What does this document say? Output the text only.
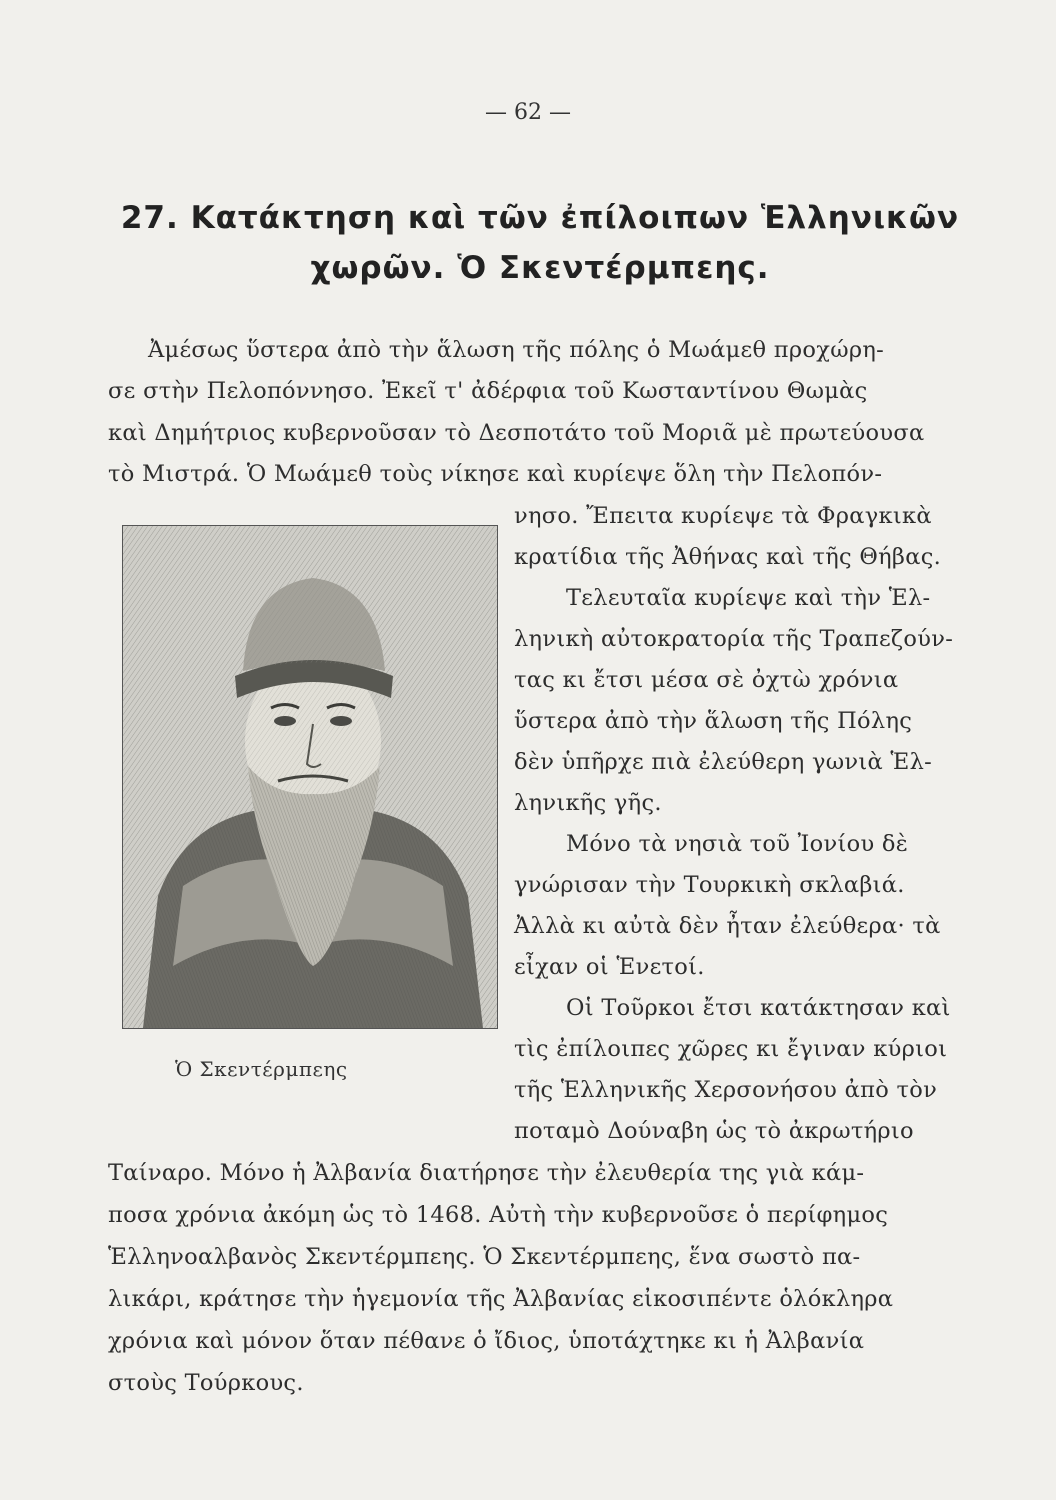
— 62 —
27. Κατάκτηση καὶ τῶν ἐπίλοιπων Ἑλληνικῶν
χωρῶν. Ὁ Σκεντέρμπεης.
Ἀμέσως ὕστερα ἀπὸ τὴν ἅλωση τῆς πόλης ὁ Μωάμεθ προχώρη-
σε στὴν Πελοπόννησο. Ἐκεῖ τ' ἀδέρφια τοῦ Κωσταντίνου Θωμὰς
καὶ Δημήτριος κυβερνοῦσαν τὸ Δεσποτάτο τοῦ Μοριᾶ μὲ πρωτεύουσα
τὸ Μιστρά. Ὁ Μωάμεθ τοὺς νίκησε καὶ κυρίεψε ὅλη τὴν Πελοπόν-
νησο. Ἔπειτα κυρίεψε τὰ Φραγκικὰ
κρατίδια τῆς Ἀθήνας καὶ τῆς Θήβας.
Τελευταῖα κυρίεψε καὶ τὴν Ἑλ-
ληνικὴ αὐτοκρατορία τῆς Τραπεζούν-
τας κι ἔτσι μέσα σὲ ὀχτὼ χρόνια
ὕστερα ἀπὸ τὴν ἅλωση τῆς Πόλης
δὲν ὑπῆρχε πιὰ ἐλεύθερη γωνιὰ Ἑλ-
ληνικῆς γῆς.
Μόνο τὰ νησιὰ τοῦ Ἰονίου δὲ
γνώρισαν τὴν Τουρκικὴ σκλαβιά.
Ἀλλὰ κι αὐτὰ δὲν ἦταν ἐλεύθερα· τὰ
εἶχαν οἱ Ἑνετοί.
Οἱ Τοῦρκοι ἔτσι κατάκτησαν καὶ
τὶς ἐπίλοιπες χῶρες κι ἔγιναν κύριοι
τῆς Ἑλληνικῆς Χερσονήσου ἀπὸ τὸν
ποταμὸ Δούναβη ὡς τὸ ἀκρωτήριο
Ταίναρο. Μόνο ἡ Ἀλβανία διατήρησε τὴν ἐλευθερία της γιὰ κάμ-
ποσα χρόνια ἀκόμη ὡς τὸ 1468. Αὐτὴ τὴν κυβερνοῦσε ὁ περίφημος
Ἑλληνοαλβανὸς Σκεντέρμπεης. Ὁ Σκεντέρμπεης, ἕνα σωστὸ πα-
λικάρι, κράτησε τὴν ἡγεμονία τῆς Ἀλβανίας εἰκοσιπέντε ὁλόκληρα
χρόνια καὶ μόνον ὅταν πέθανε ὁ ἴδιος, ὑποτάχτηκε κι ἡ Ἀλβανία
στοὺς Τούρκους.
Ὁ Σκεντέρμπεης
